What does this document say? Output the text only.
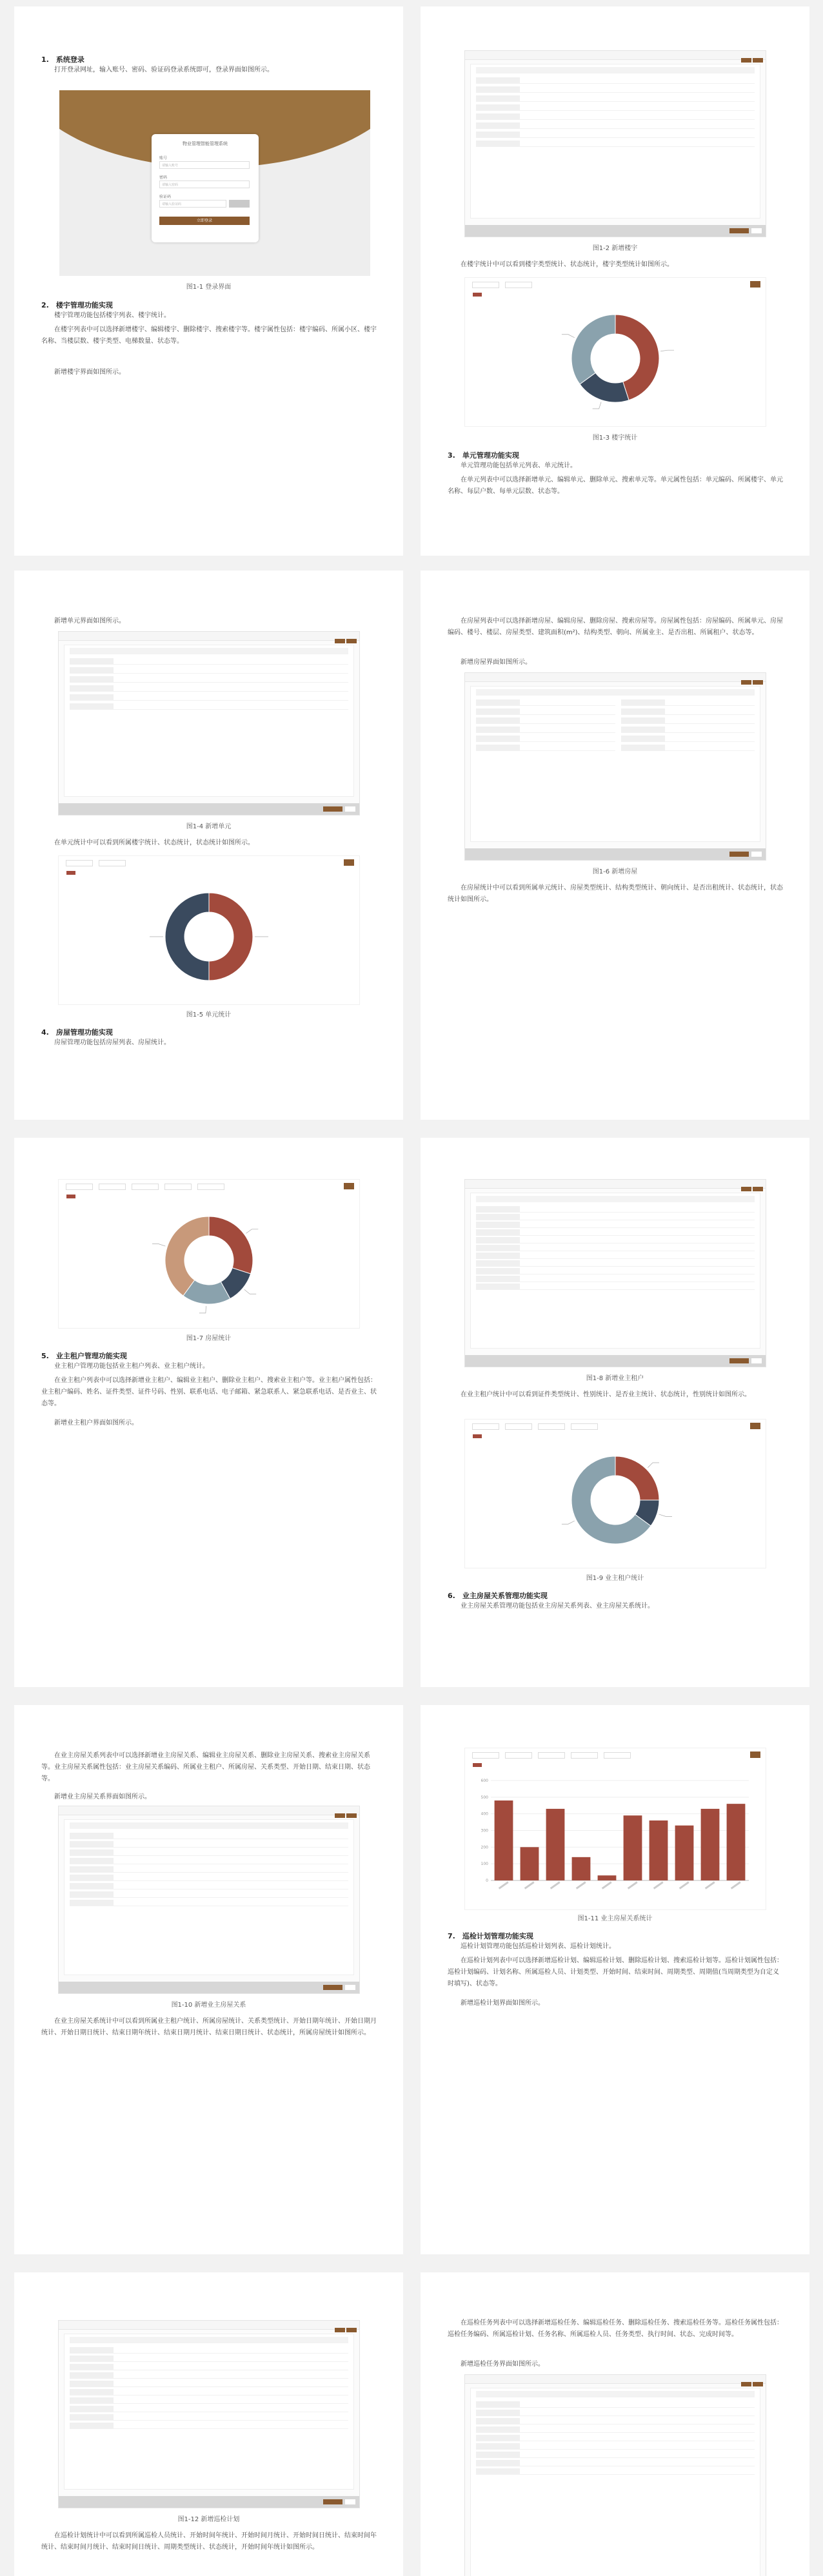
1.　系统登录
打开登录网址，输入账号、密码、验证码登录系统即可，登录界面如图所示。
物业管理智能管理系统
账号
请输入账号
密码
请输入密码
验证码
请输入验证码
立即登录
图1-1 登录界面
2.　楼宇管理功能实现
楼宇管理功能包括楼宇列表、楼宇统计。
在楼宇列表中可以选择新增楼宇、编辑楼宇、删除楼宇、搜索楼宇等。楼宇属性包括：楼宇编码、所属小区、楼宇名称、当楼层数、楼宇类型、电梯数量、状态等。
新增楼宇界面如图所示。
图1-2 新增楼宇
在楼宇统计中可以看到楼宇类型统计、状态统计，楼宇类型统计如图所示。
图1-3 楼宇统计
3.　单元管理功能实现
单元管理功能包括单元列表、单元统计。
在单元列表中可以选择新增单元、编辑单元、删除单元、搜索单元等。单元属性包括：单元编码、所属楼宇、单元名称、每层户数、每单元层数、状态等。
新增单元界面如图所示。
图1-4 新增单元
在单元统计中可以看到所属楼宇统计、状态统计，状态统计如图所示。
图1-5 单元统计
4.　房屋管理功能实现
房屋管理功能包括房屋列表、房屋统计。
在房屋列表中可以选择新增房屋、编辑房屋、删除房屋、搜索房屋等。房屋属性包括：房屋编码、所属单元、房屋编码、楼号、楼层、房屋类型、建筑面积(m²)、结构类型、朝向、所属业主、是否出租、所属租户、状态等。
新增房屋界面如图所示。
图1-6 新增房屋
在房屋统计中可以看到所属单元统计、房屋类型统计、结构类型统计、朝向统计、是否出租统计、状态统计，状态统计如图所示。
图1-7 房屋统计
5.　业主租户管理功能实现
业主租户管理功能包括业主租户列表、业主租户统计。
在业主租户列表中可以选择新增业主租户、编辑业主租户、删除业主租户、搜索业主租户等。业主租户属性包括：业主租户编码、姓名、证件类型、证件号码、性别、联系电话、电子邮箱、紧急联系人、紧急联系电话、是否业主、状态等。
新增业主租户界面如图所示。
图1-8 新增业主租户
在业主租户统计中可以看到证件类型统计、性别统计、是否业主统计、状态统计，性别统计如图所示。
图1-9 业主租户统计
6.　业主房屋关系管理功能实现
业主房屋关系管理功能包括业主房屋关系列表、业主房屋关系统计。
在业主房屋关系列表中可以选择新增业主房屋关系、编辑业主房屋关系、删除业主房屋关系、搜索业主房屋关系等。业主房屋关系属性包括：业主房屋关系编码、所属业主租户、所属房屋、关系类型、开始日期、结束日期、状态等。
新增业主房屋关系界面如图所示。
图1-10 新增业主房屋关系
在业主房屋关系统计中可以看到所属业主租户统计、所属房屋统计、关系类型统计、开始日期年统计、开始日期月统计、开始日期日统计、结束日期年统计、结束日期月统计、结束日期日统计、状态统计，所属房屋统计如图所示。
0
100
200
300
400
500
600
图1-11 业主房屋关系统计
7.　巡检计划管理功能实现
巡检计划管理功能包括巡检计划列表、巡检计划统计。
在巡检计划列表中可以选择新增巡检计划、编辑巡检计划、删除巡检计划、搜索巡检计划等。巡检计划属性包括：巡检计划编码、计划名称、所属巡检人员、计划类型、开始时间、结束时间、周期类型、周期值(当周期类型为自定义时填写)、状态等。
新增巡检计划界面如图所示。
图1-12 新增巡检计划
在巡检计划统计中可以看到所属巡检人员统计、开始时间年统计、开始时间月统计、开始时间日统计、结束时间年统计、结束时间月统计、结束时间日统计、周期类型统计、状态统计，开始时间年统计如图所示。
在巡检任务列表中可以选择新增巡检任务、编辑巡检任务、删除巡检任务、搜索巡检任务等。巡检任务属性包括：巡检任务编码、所属巡检计划、任务名称、所属巡检人员、任务类型、执行时间、状态、完成时间等。
新增巡检任务界面如图所示。
